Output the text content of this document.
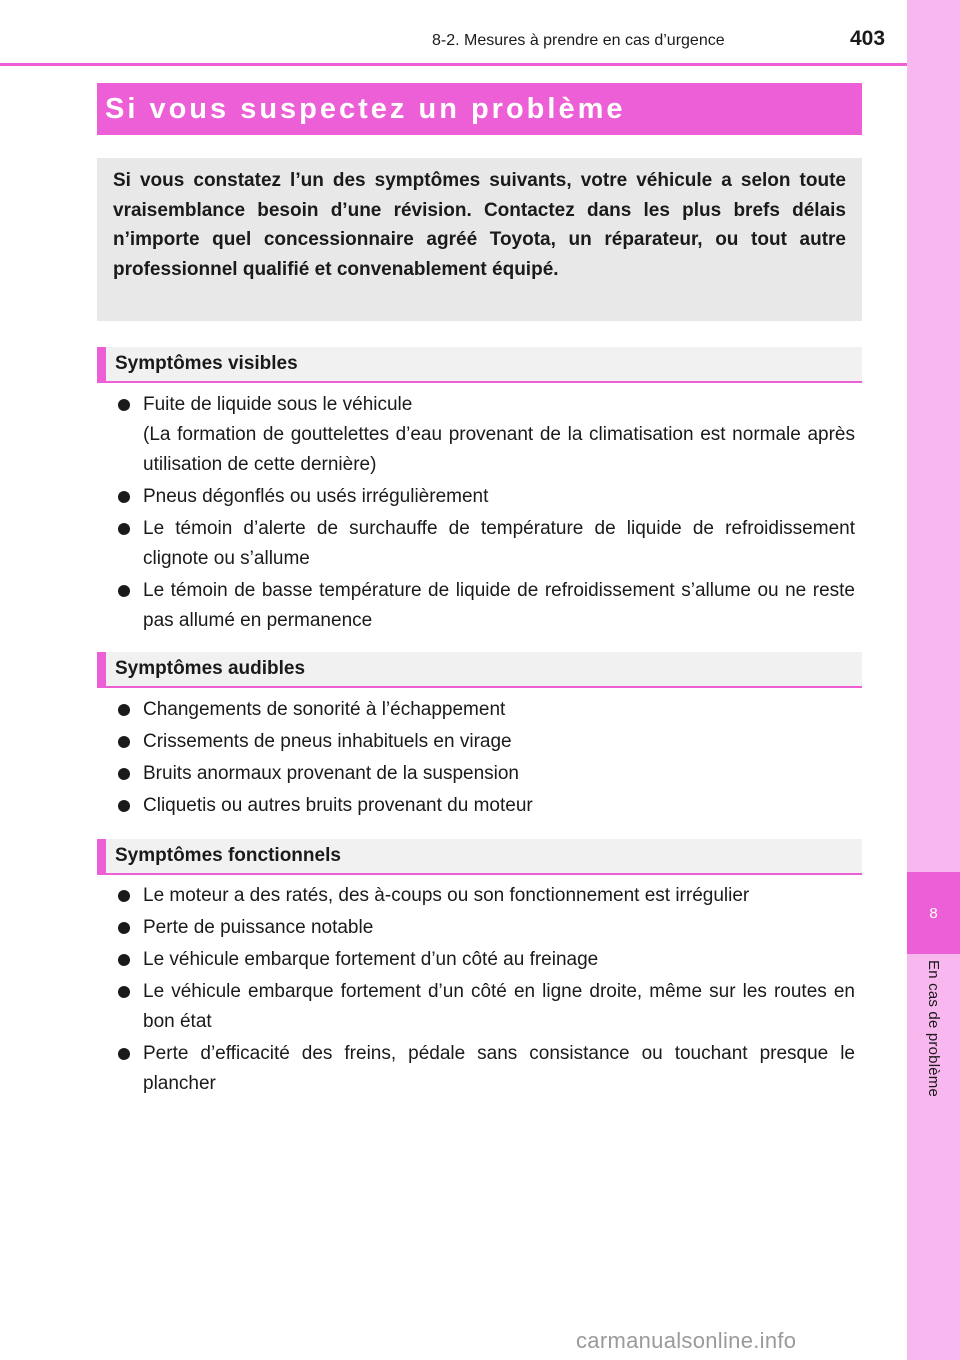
8
En cas de problème
8-2. Mesures à prendre en cas d’urgence	403
Si vous suspectez un problème

Si vous constatez l’un des symptômes suivants, votre véhicule a selon toute vraisemblance besoin d’une révision. Contactez dans les plus brefs délais n’importe quel concessionnaire agréé Toyota, un réparateur, ou tout autre professionnel qualifié et convenablement équipé.

Symptômes visibles
Fuite de liquide sous le véhicule
(La formation de gouttelettes d’eau provenant de la climatisation est normale après utilisation de cette dernière)
Pneus dégonflés ou usés irrégulièrement
Le témoin d’alerte de surchauffe de température de liquide de refroidissement clignote ou s’allume
Le témoin de basse température de liquide de refroidissement s’allume ou ne reste pas allumé en permanence
Symptômes audibles
Changements de sonorité à l’échappement
Crissements de pneus inhabituels en virage
Bruits anormaux provenant de la suspension
Cliquetis ou autres bruits provenant du moteur
Symptômes fonctionnels
Le moteur a des ratés, des à-coups ou son fonctionnement est irrégulier
Perte de puissance notable
Le véhicule embarque fortement d’un côté au freinage
Le véhicule embarque fortement d’un côté en ligne droite, même sur les routes en bon état
Perte d’efficacité des freins, pédale sans consistance ou touchant presque le plancher
carmanualsonline.info
